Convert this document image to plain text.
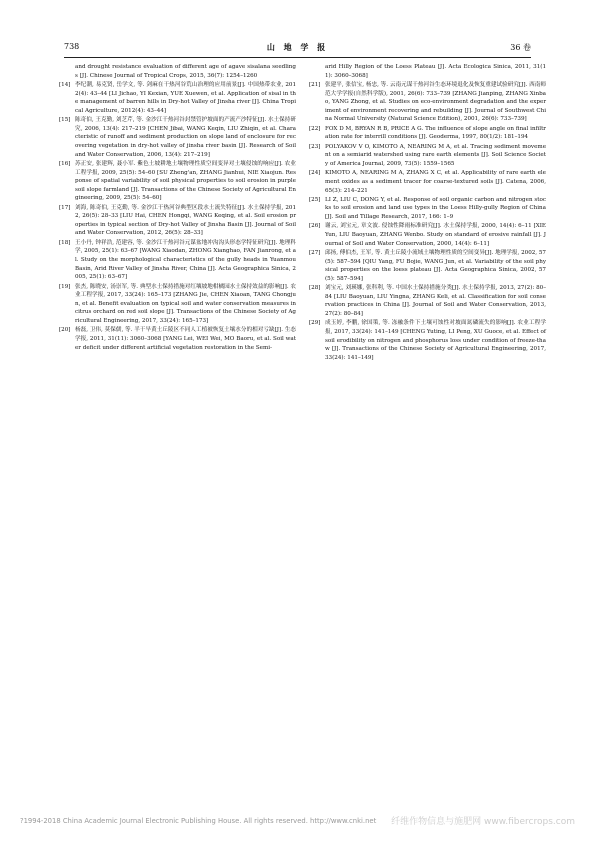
738	山 地 学 报	36 卷
and drought resistance evaluation of different age of agave sisalana seedlings [J]. Chinese Journal of Tropical Crops, 2015, 36(7): 1254–1260
[14] 李纪潮, 易克贤, 岳学文, 等. 剑麻在干热河谷荒山治理的应用前景[J]. 中国热带农业, 2012(4): 43–44 [LI Jichao, YI Kexian, YUE Xuewen, et al. Application of sisal in the management of barren hills in Dry-hot Valley of Jinsha river [J]. China Tropical Agriculture, 2012(4): 43–44]
[15] 陈奇伯, 王克勤, 刘芝芹, 等. 金沙江干热河谷封禁管护坡面的产流产沙特征[J]. 水土保持研究, 2006, 13(4): 217–219 [CHEN Jibai, WANG Keqin, LIU Zhiqin, et al. Characteristic of runoff and sediment production on slope land of enclosure for recovering vegetation in dry-hot valley of jinsha river basin [J]. Research of Soil and Water Conservation, 2006, 13(4): 217–219]
[16] 苏正安, 张建辉, 聂小军. 紫色土坡耕地土壤物理性质空间变异对土壤侵蚀的响应[J]. 农业工程学报, 2009, 25(5): 54–60 [SU Zheng'an, ZHANG Jianhui, NIE Xiaojun. Response of spatial variability of soil physical properties to soil erosion in purple soil slope farmland [J]. Transactions of the Chinese Society of Agricultural Engineering, 2009, 25(5): 54–60]
[17] 刘海, 陈奇伯, 王克勤, 等. 金沙江干热河谷典型区段水土流失特征[J]. 水土保持学报, 2012, 26(5): 28–33 [LIU Hai, CHEN Hongqi, WANG Keqing, et al. Soil erosion properties in typical section of Dry-hot Valley of Jinsha Basin [J]. Journal of Soil and Water Conservation, 2012, 26(5): 28–33]
[18] 王小丹, 钟祥浩, 范建容, 等. 金沙江干热河谷元谋盆地冲沟沟头形态学特征研究[J]. 地理科学, 2005, 25(1): 63–67 [WANG Xiaodan, ZHONG Xianghao, FAN Jianrong, et al. Study on the morphological characteristics of the gully heads in Yuanmou Basin, Arid River Valley of Jinsha River, China [J]. Acta Geographica Sinica, 2005, 25(1): 63–67]
[19] 张杰, 陈晓安, 汤崇军, 等. 典型水土保持措施对红壤坡地柑橘园水土保持效益的影响[J]. 农业工程学报, 2017, 33(24): 165–173 [ZHANG Jie, CHEN Xiaoan, TANG Chongjun, et al. Benefit evaluation on typical soil and water conservation measures in citrus orchard on red soil slope [J]. Transactions of the Chinese Society of Agricultural Engineering, 2017, 33(24): 165–173]
[20] 杨磊, 卫伟, 莫保儒, 等. 半干旱黄土丘陵区不同人工植被恢复土壤水分的相对亏缺[J]. 生态学报, 2011, 31(11): 3060–3068 [YANG Lei, WEI Wei, MO Baoru, et al. Soil water deficit under different artificial vegetation restoration in the Semi-
arid Hilly Region of the Loess Plateau [J]. Acta Ecologica Sinica, 2011, 31(11): 3060–3068]
[21] 张建平, 张信宝, 杨忠, 等. 云南元谋干热河谷生态环境退化及恢复重建试验研究[J]. 西南师范大学学报(自然科学版), 2001, 26(6): 733–739 [ZHANG Jianping, ZHANG Xinbao, YANG Zhong, et al. Studies on eco-environment degradation and the experiment of environment recovering and rebuilding [J]. Journal of Southwest China Normal University (Natural Science Edition), 2001, 26(6): 733–739]
[22] FOX D M, BRYAN R B, PRICE A G. The influence of slope angle on final infiltration rate for interrill conditions [J]. Geoderma, 1997, 80(1/2): 181–194
[23] POLYAKOV V O, KIMOTO A, NEARING M A, et al. Tracing sediment movement on a semiarid watershed using rare earth elements [J]. Soil Science Society of America Journal, 2009, 73(5): 1559–1565
[24] KIMOTO A, NEARING M A, ZHANG X C, et al. Applicability of rare earth element oxides as a sediment tracer for coarse-textured soils [J]. Catena, 2006, 65(3): 214–221
[25] LI Z, LIU C, DONG Y, et al. Response of soil organic carbon and nitrogen stocks to soil erosion and land use types in the Loess Hilly-gully Region of China [J]. Soil and Tillage Research, 2017, 166: 1–9
[26] 谢云, 刘宝元, 章文波. 侵蚀性降雨标准研究[J]. 水土保持学报, 2000, 14(4): 6–11 [XIE Yun, LIU Baoyuan, ZHANG Wenbo. Study on standard of erosive rainfall [J]. Journal of Soil and Water Conservation, 2000, 14(4): 6–11]
[27] 邱扬, 傅伯杰, 王军, 等. 黄土丘陵小流域土壤物理性质的空间变异[J]. 地理学报, 2002, 57(5): 587–594 [QIU Yang, FU Bojie, WANG Jun, et al. Variability of the soil physical properties on the loess plateau [J]. Acta Geographica Sinica, 2002, 57(5): 587–594]
[28] 刘宝元, 刘瑛娜, 张科利, 等. 中国水土保持措施分类[J]. 水土保持学报, 2013, 27(2): 80–84 [LIU Baoyuan, LIU Yingna, ZHANG Keli, et al. Classification for soil conservation practices in China [J]. Journal of Soil and Water Conservation, 2013, 27(2): 80–84]
[29] 成玉婷, 李鹏, 徐国策, 等. 冻融条件下土壤可蚀性对坡面氮磷流失的影响[J]. 农业工程学报, 2017, 33(24): 141–149 [CHENG Yuting, LI Peng, XU Guoce, et al. Effect of soil erodibility on nitrogen and phosphorus loss under condition of freeze-thaw [J]. Transactions of the Chinese Society of Agricultural Engineering, 2017, 33(24): 141–149]
?1994-2018 China Academic Journal Electronic Publishing House. All rights reserved. http://www.cnki.net 纤维作物信息与施肥网 www.fibercrops.com
